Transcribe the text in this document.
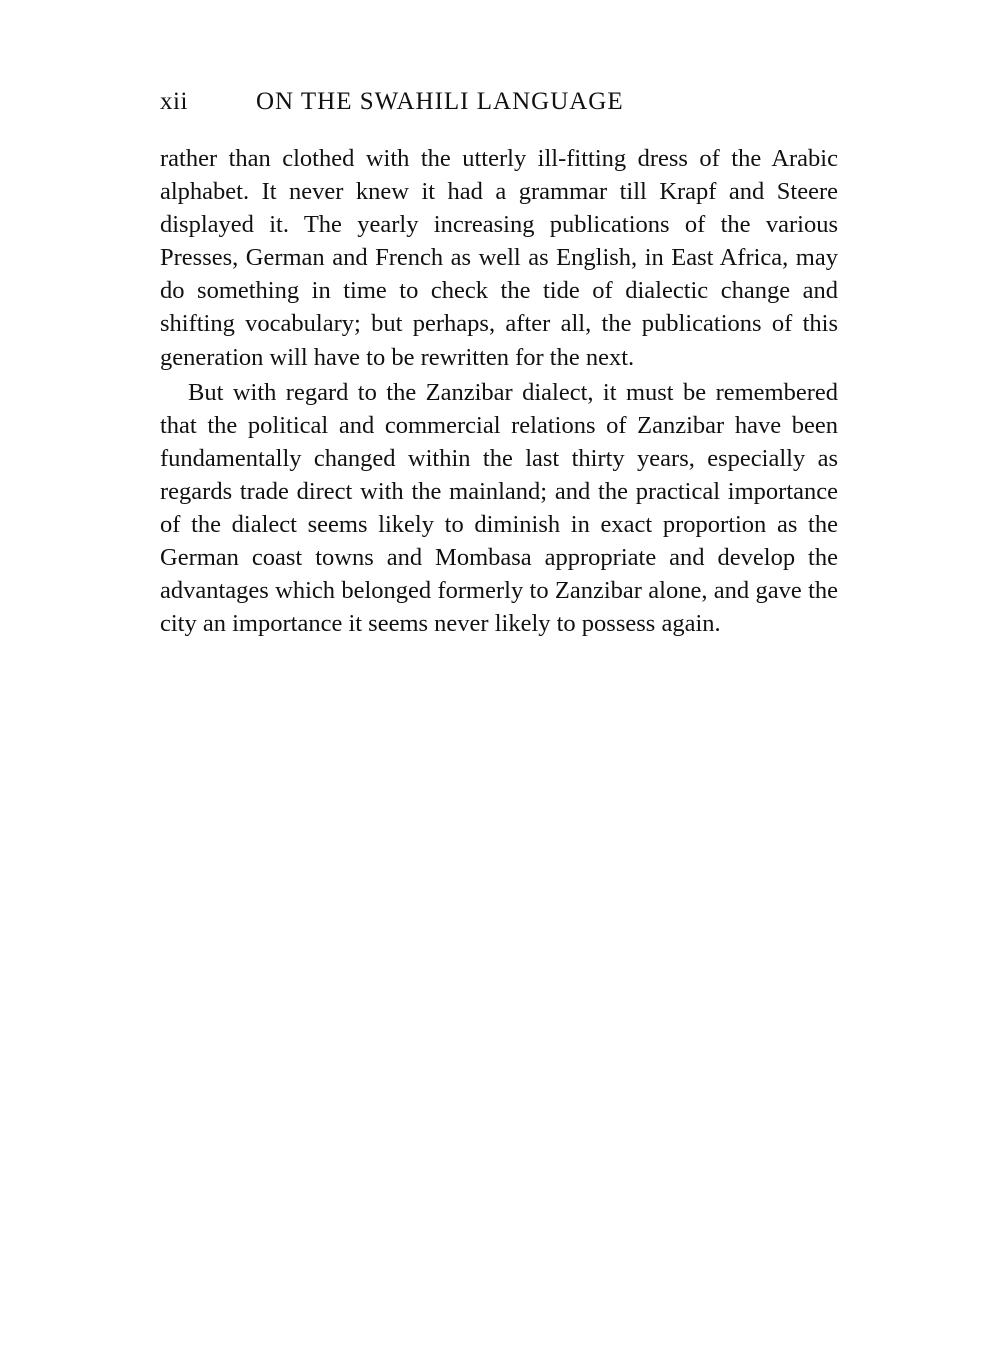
xii	ON THE SWAHILI LANGUAGE

rather than clothed with the utterly ill-fitting dress of the Arabic alphabet. It never knew it had a grammar till Krapf and Steere displayed it. The yearly increasing publications of the various Presses, German and French as well as English, in East Africa, may do something in time to check the tide of dialectic change and shifting vocabulary; but perhaps, after all, the publications of this generation will have to be rewritten for the next.

But with regard to the Zanzibar dialect, it must be remembered that the political and commercial relations of Zanzibar have been fundamentally changed within the last thirty years, especially as regards trade direct with the mainland; and the practical importance of the dialect seems likely to diminish in exact proportion as the German coast towns and Mombasa appropriate and develop the advantages which belonged formerly to Zanzibar alone, and gave the city an importance it seems never likely to possess again.
